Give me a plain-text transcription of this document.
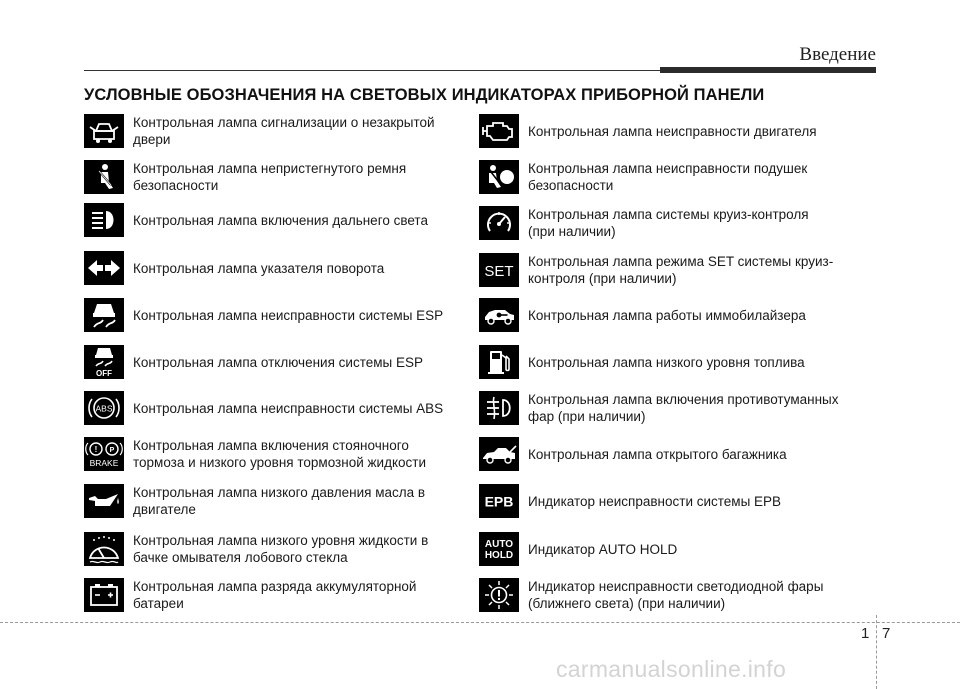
Введение
УСЛОВНЫЕ ОБОЗНАЧЕНИЯ НА СВЕТОВЫХ ИНДИКАТОРАХ ПРИБОРНОЙ ПАНЕЛИ
Контрольная лампа сигнализации о незакрытой
двери
Контрольная лампа непристегнутого ремня
безопасности
Контрольная лампа включения дальнего света
Контрольная лампа указателя поворота
Контрольная лампа неисправности системы ESP
OFF
Контрольная лампа отключения системы ESP
ABS Контрольная лампа неисправности системы ABS
! P
BRAKE
Контрольная лампа включения стояночного
тормоза и низкого уровня тормозной жидкости
Контрольная лампа низкого давления масла в
двигателе
Контрольная лампа низкого уровня жидкости в
бачке омывателя лобового стекла
Контрольная лампа разряда аккумуляторной
батареи
Контрольная лампа неисправности двигателя
Контрольная лампа неисправности подушек
безопасности
Контрольная лампа системы круиз-контроля
(при наличии)
SET
Контрольная лампа режима SET системы круиз-
контроля (при наличии)
Контрольная лампа работы иммобилайзера
Контрольная лампа низкого уровня топлива
Контрольная лампа включения противотуманных
фар (при наличии)
Контрольная лампа открытого багажника
EPB Индикатор неисправности системы EPB
AUTO
HOLD Индикатор AUTO HOLD
Индикатор неисправности светодиодной фары
(ближнего света) (при наличии)
1 7
carmanualsonline.info
